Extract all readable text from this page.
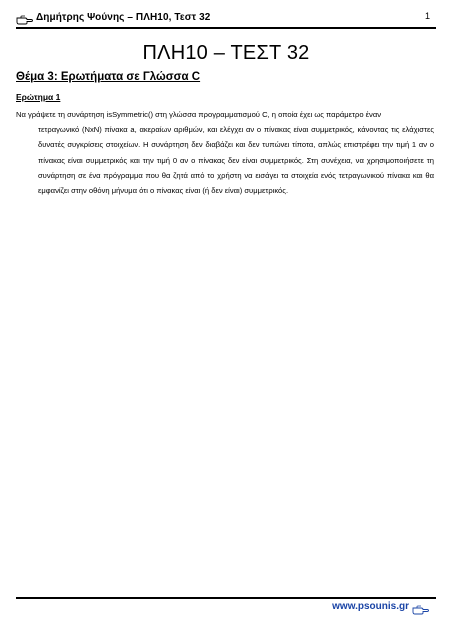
Δημήτρης Ψούνης – ΠΛΗ10, Τεστ 32	1
ΠΛΗ10 – ΤΕΣΤ 32
Θέμα 3: Ερωτήματα σε Γλώσσα C
Ερώτημα 1
Να γράψετε τη συνάρτηση isSymmetric() στη γλώσσα προγραμματισμού C, η οποία έχει ως παράμετρο έναν
τετραγωνικό (NxN) πίνακα a, ακεραίων αριθμών, και ελέγχει αν ο πίνακας είναι συμμετρικός, κάνοντας τις ελάχιστες δυνατές συγκρίσεις στοιχείων. Η συνάρτηση δεν διαβάζει και δεν τυπώνει τίποτα, απλώς επιστρέφει την τιμή 1 αν ο πίνακας είναι συμμετρικός και την τιμή 0 αν ο πίνακας δεν είναι συμμετρικός. Στη συνέχεια, να χρησιμοποιήσετε τη συνάρτηση σε ένα πρόγραμμα που θα ζητά από το χρήστη να εισάγει τα στοιχεία ενός τετραγωνικού πίνακα και θα εμφανίζει στην οθόνη μήνυμα ότι ο πίνακας είναι (ή δεν είναι) συμμετρικός.
www.psounis.gr
